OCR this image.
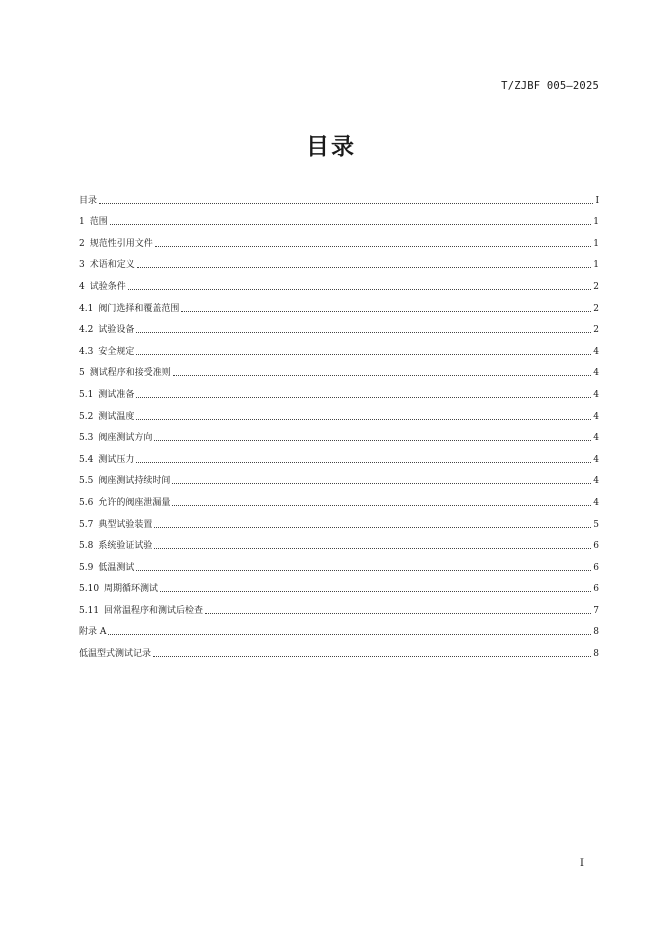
T/ZJBF 005—2025
目录
目录	I
1 范围	1
2 规范性引用文件	1
3 术语和定义	1
4 试验条件	2
4.1 阀门选择和覆盖范围	2
4.2 试验设备	2
4.3 安全规定	4
5 测试程序和接受准则	4
5.1 测试准备	4
5.2 测试温度	4
5.3 阀座测试方向	4
5.4 测试压力	4
5.5 阀座测试持续时间	4
5.6 允许的阀座泄漏量	4
5.7 典型试验装置	5
5.8 系统验证试验	6
5.9 低温测试	6
5.10 周期循环测试	6
5.11 回常温程序和测试后检查	7
附录 A	8
低温型式测试记录	8
I
